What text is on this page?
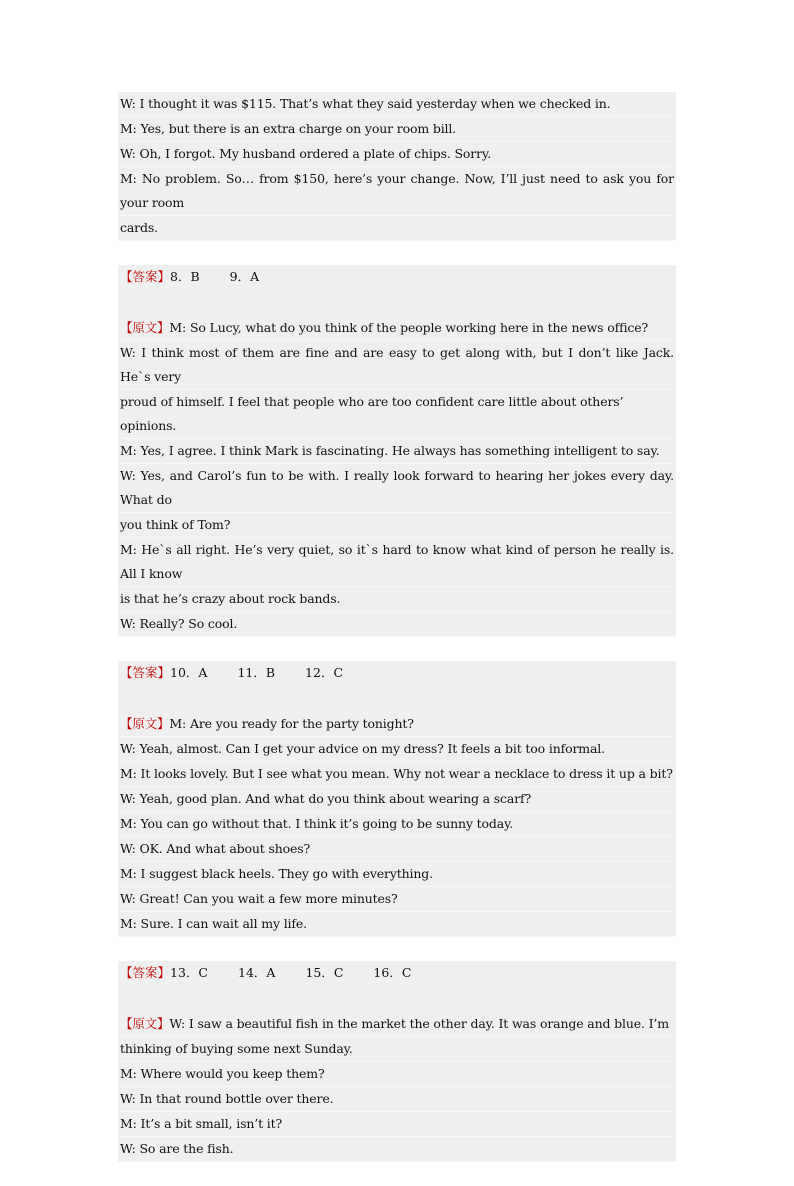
W: I thought it was $115. That’s what they said yesterday when we checked in.
M: Yes, but there is an extra charge on your room bill.
W: Oh, I forgot. My husband ordered a plate of chips. Sorry.
M: No problem. So… from $150, here’s your change. Now, I’ll just need to ask you for your room
cards.
【答案】8．B 9．A
【原文】M: So Lucy, what do you think of the people working here in the news office?
W: I think most of them are fine and are easy to get along with, but I don’t like Jack. He`s very
proud of himself. I feel that people who are too confident care little about others’ opinions.
M: Yes, I agree. I think Mark is fascinating. He always has something intelligent to say.
W: Yes, and Carol’s fun to be with. I really look forward to hearing her jokes every day. What do
you think of Tom?
M: He`s all right. He’s very quiet, so it`s hard to know what kind of person he really is. All I know
is that he’s crazy about rock bands.
W: Really? So cool.
【答案】10．A 11．B 12．C
【原文】M: Are you ready for the party tonight?
W: Yeah, almost. Can I get your advice on my dress? It feels a bit too informal.
M: It looks lovely. But I see what you mean. Why not wear a necklace to dress it up a bit?
W: Yeah, good plan. And what do you think about wearing a scarf?
M: You can go without that. I think it’s going to be sunny today.
W: OK. And what about shoes?
M: I suggest black heels. They go with everything.
W: Great! Can you wait a few more minutes?
M: Sure. I can wait all my life.
【答案】13．C 14．A 15．C 16．C
【原文】W: I saw a beautiful fish in the market the other day. It was orange and blue. I’m
thinking of buying some next Sunday.
M: Where would you keep them?
W: In that round bottle over there.
M: It’s a bit small, isn’t it?
W: So are the fish.
